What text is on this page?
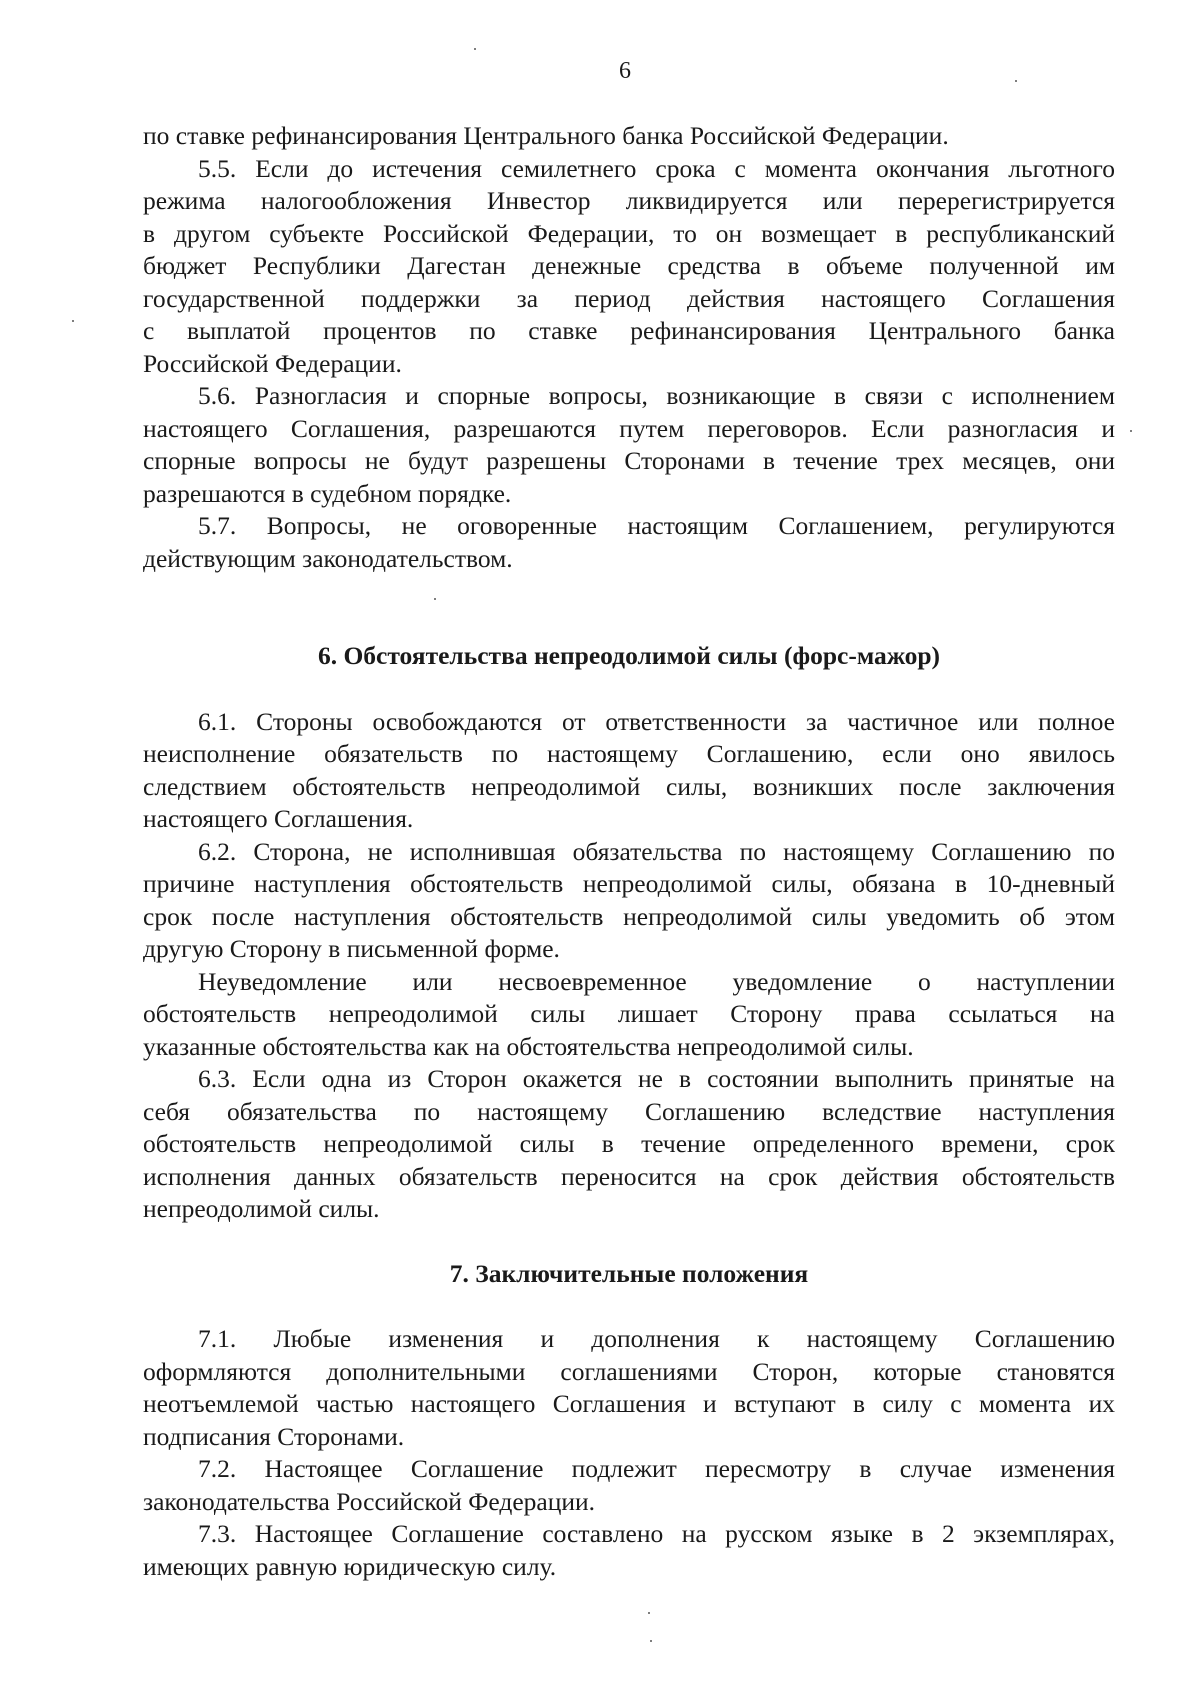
6

по ставке рефинансирования Центрального банка Российской Федерации.

5.5. Если до истечения семилетнего срока с момента окончания льготного
режима налогообложения Инвестор ликвидируется или перерегистрируется
в другом субъекте Российской Федерации, то он возмещает в республиканский
бюджет Республики Дагестан денежные средства в объеме полученной им
государственной поддержки за период действия настоящего Соглашения
с выплатой процентов по ставке рефинансирования Центрального банка
Российской Федерации.

5.6. Разногласия и спорные вопросы, возникающие в связи с исполнением
настоящего Соглашения, разрешаются путем переговоров. Если разногласия и
спорные вопросы не будут разрешены Сторонами в течение трех месяцев, они
разрешаются в судебном порядке.

5.7. Вопросы, не оговоренные настоящим Соглашением, регулируются
действующим законодательством.

6. Обстоятельства непреодолимой силы (форс-мажор)

6.1. Стороны освобождаются от ответственности за частичное или полное
неисполнение обязательств по настоящему Соглашению, если оно явилось
следствием обстоятельств непреодолимой силы, возникших после заключения
настоящего Соглашения.

6.2. Сторона, не исполнившая обязательства по настоящему Соглашению по
причине наступления обстоятельств непреодолимой силы, обязана в 10-дневный
срок после наступления обстоятельств непреодолимой силы уведомить об этом
другую Сторону в письменной форме.

Неуведомление или несвоевременное уведомление о наступлении
обстоятельств непреодолимой силы лишает Сторону права ссылаться на
указанные обстоятельства как на обстоятельства непреодолимой силы.

6.3. Если одна из Сторон окажется не в состоянии выполнить принятые на
себя обязательства по настоящему Соглашению вследствие наступления
обстоятельств непреодолимой силы в течение определенного времени, срок
исполнения данных обязательств переносится на срок действия обстоятельств
непреодолимой силы.

7. Заключительные положения

7.1. Любые изменения и дополнения к настоящему Соглашению
оформляются дополнительными соглашениями Сторон, которые становятся
неотъемлемой частью настоящего Соглашения и вступают в силу с момента их
подписания Сторонами.

7.2. Настоящее Соглашение подлежит пересмотру в случае изменения
законодательства Российской Федерации.

7.3. Настоящее Соглашение составлено на русском языке в 2 экземплярах,
имеющих равную юридическую силу.
